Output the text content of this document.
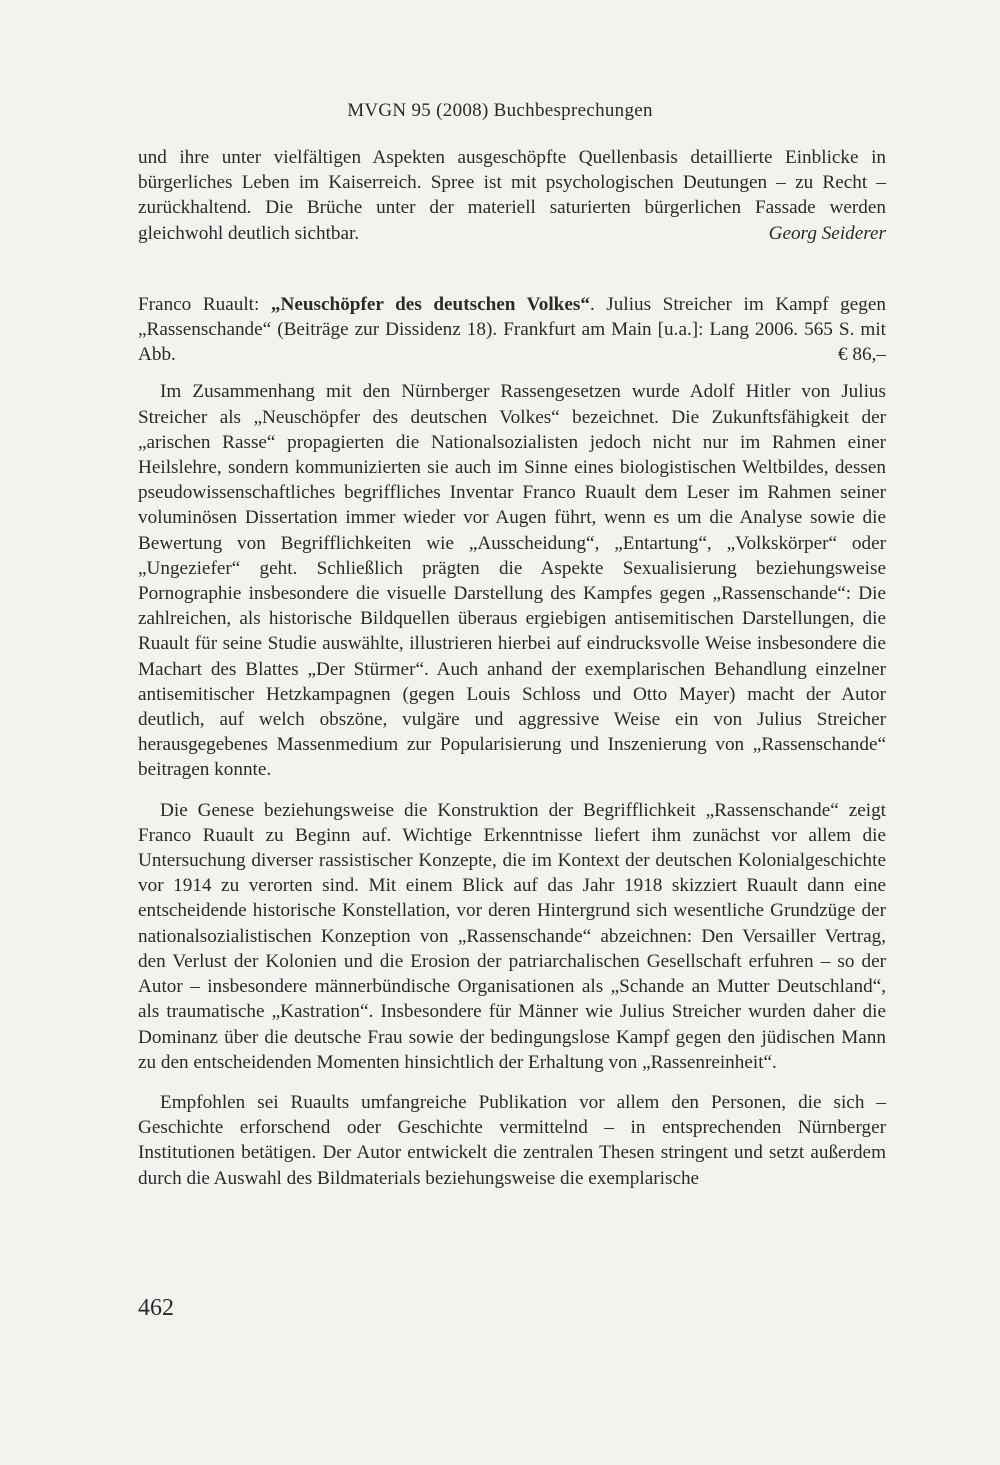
MVGN 95 (2008) Buchbesprechungen

und ihre unter vielfältigen Aspekten ausgeschöpfte Quellenbasis detaillierte Einblicke in bürgerliches Leben im Kaiserreich. Spree ist mit psychologischen Deutungen – zu Recht – zurückhaltend. Die Brüche unter der materiell saturierten bürgerlichen Fassade werden gleichwohl deutlich sichtbar.	Georg Seiderer

Franco Ruault: „Neuschöpfer des deutschen Volkes“. Julius Streicher im Kampf gegen „Rassenschande“ (Beiträge zur Dissidenz 18). Frankfurt am Main [u.a.]: Lang 2006. 565 S. mit Abb.	€ 86,–

Im Zusammenhang mit den Nürnberger Rassengesetzen wurde Adolf Hitler von Julius Streicher als „Neuschöpfer des deutschen Volkes“ bezeichnet. Die Zukunftsfähigkeit der „arischen Rasse“ propagierten die Nationalsozialisten jedoch nicht nur im Rahmen einer Heilslehre, sondern kommunizierten sie auch im Sinne eines biologistischen Weltbildes, dessen pseudowissenschaftliches begriffliches Inventar Franco Ruault dem Leser im Rahmen seiner voluminösen Dissertation immer wieder vor Augen führt, wenn es um die Analyse sowie die Bewertung von Begrifflichkeiten wie „Ausscheidung“, „Entartung“, „Volkskörper“ oder „Ungeziefer“ geht. Schließlich prägten die Aspekte Sexualisierung beziehungsweise Pornographie insbesondere die visuelle Darstellung des Kampfes gegen „Rassenschande“: Die zahlreichen, als historische Bildquellen überaus ergiebigen antisemitischen Darstellungen, die Ruault für seine Studie auswählte, illustrieren hierbei auf eindrucksvolle Weise insbesondere die Machart des Blattes „Der Stürmer“. Auch anhand der exemplarischen Behandlung einzelner antisemitischer Hetzkampagnen (gegen Louis Schloss und Otto Mayer) macht der Autor deutlich, auf welch obszöne, vulgäre und aggressive Weise ein von Julius Streicher herausgegebenes Massenmedium zur Popularisierung und Inszenierung von „Rassenschande“ beitragen konnte.

Die Genese beziehungsweise die Konstruktion der Begrifflichkeit „Rassenschande“ zeigt Franco Ruault zu Beginn auf. Wichtige Erkenntnisse liefert ihm zunächst vor allem die Untersuchung diverser rassistischer Konzepte, die im Kontext der deutschen Kolonialgeschichte vor 1914 zu verorten sind. Mit einem Blick auf das Jahr 1918 skizziert Ruault dann eine entscheidende historische Konstellation, vor deren Hintergrund sich wesentliche Grundzüge der nationalsozialistischen Konzeption von „Rassenschande“ abzeichnen: Den Versailler Vertrag, den Verlust der Kolonien und die Erosion der patriarchalischen Gesellschaft erfuhren – so der Autor – insbesondere männerbündische Organisationen als „Schande an Mutter Deutschland“, als traumatische „Kastration“. Insbesondere für Männer wie Julius Streicher wurden daher die Dominanz über die deutsche Frau sowie der bedingungslose Kampf gegen den jüdischen Mann zu den entscheidenden Momenten hinsichtlich der Erhaltung von „Rassenreinheit“.

Empfohlen sei Ruaults umfangreiche Publikation vor allem den Personen, die sich – Geschichte erforschend oder Geschichte vermittelnd – in entsprechenden Nürnberger Institutionen betätigen. Der Autor entwickelt die zentralen Thesen stringent und setzt außerdem durch die Auswahl des Bildmaterials beziehungsweise die exemplarische

462
